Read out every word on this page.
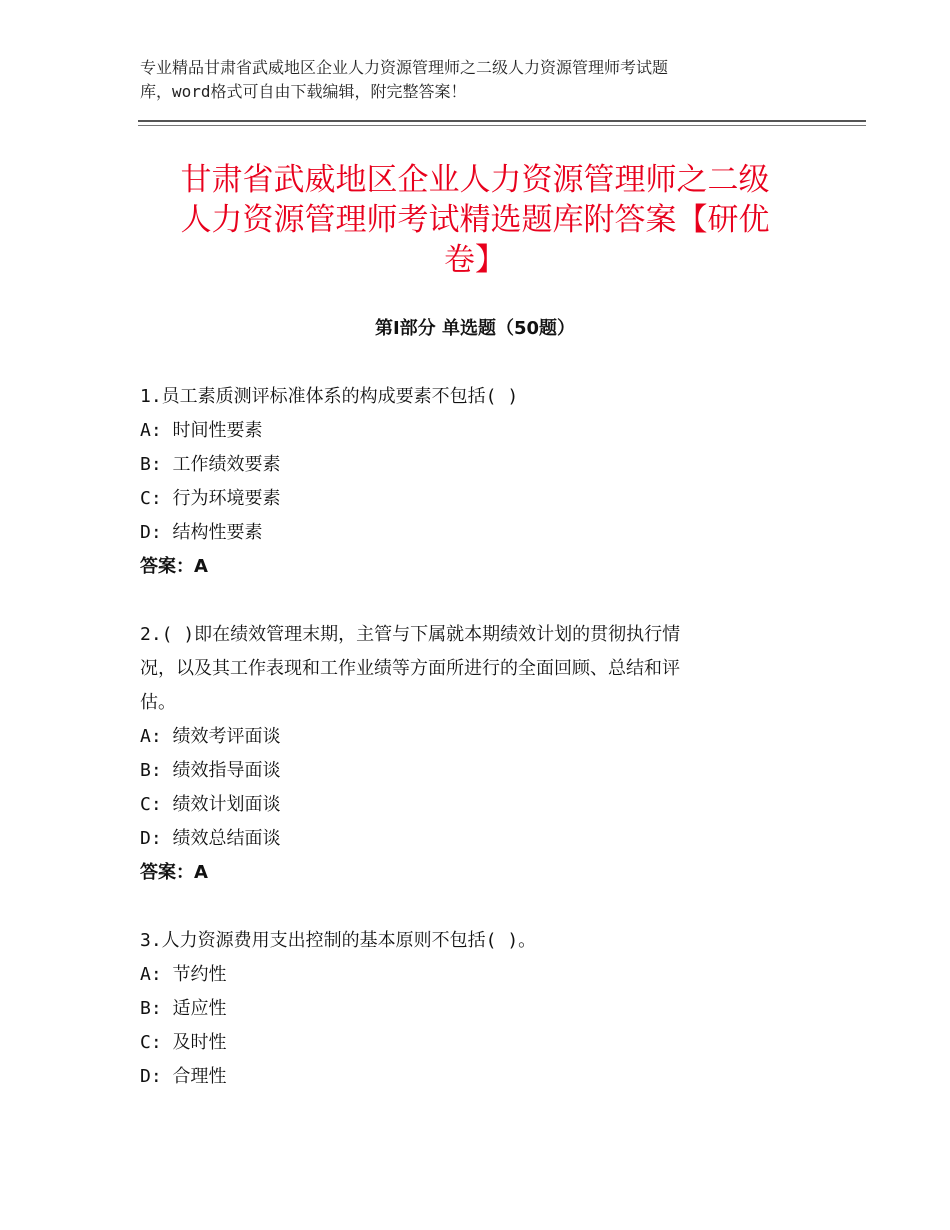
专业精品甘肃省武威地区企业人力资源管理师之二级人力资源管理师考试题
库，word格式可自由下载编辑，附完整答案！
甘肃省武威地区企业人力资源管理师之二级
人力资源管理师考试精选题库附答案【研优
卷】
第Ⅰ部分 单选题（50题）
1.员工素质测评标准体系的构成要素不包括( )
A: 时间性要素
B: 工作绩效要素
C: 行为环境要素
D: 结构性要素
答案：A
2.( )即在绩效管理末期，主管与下属就本期绩效计划的贯彻执行情
况，以及其工作表现和工作业绩等方面所进行的全面回顾、总结和评
估。
A: 绩效考评面谈
B: 绩效指导面谈
C: 绩效计划面谈
D: 绩效总结面谈
答案：A
3.人力资源费用支出控制的基本原则不包括( )。
A: 节约性
B: 适应性
C: 及时性
D: 合理性
